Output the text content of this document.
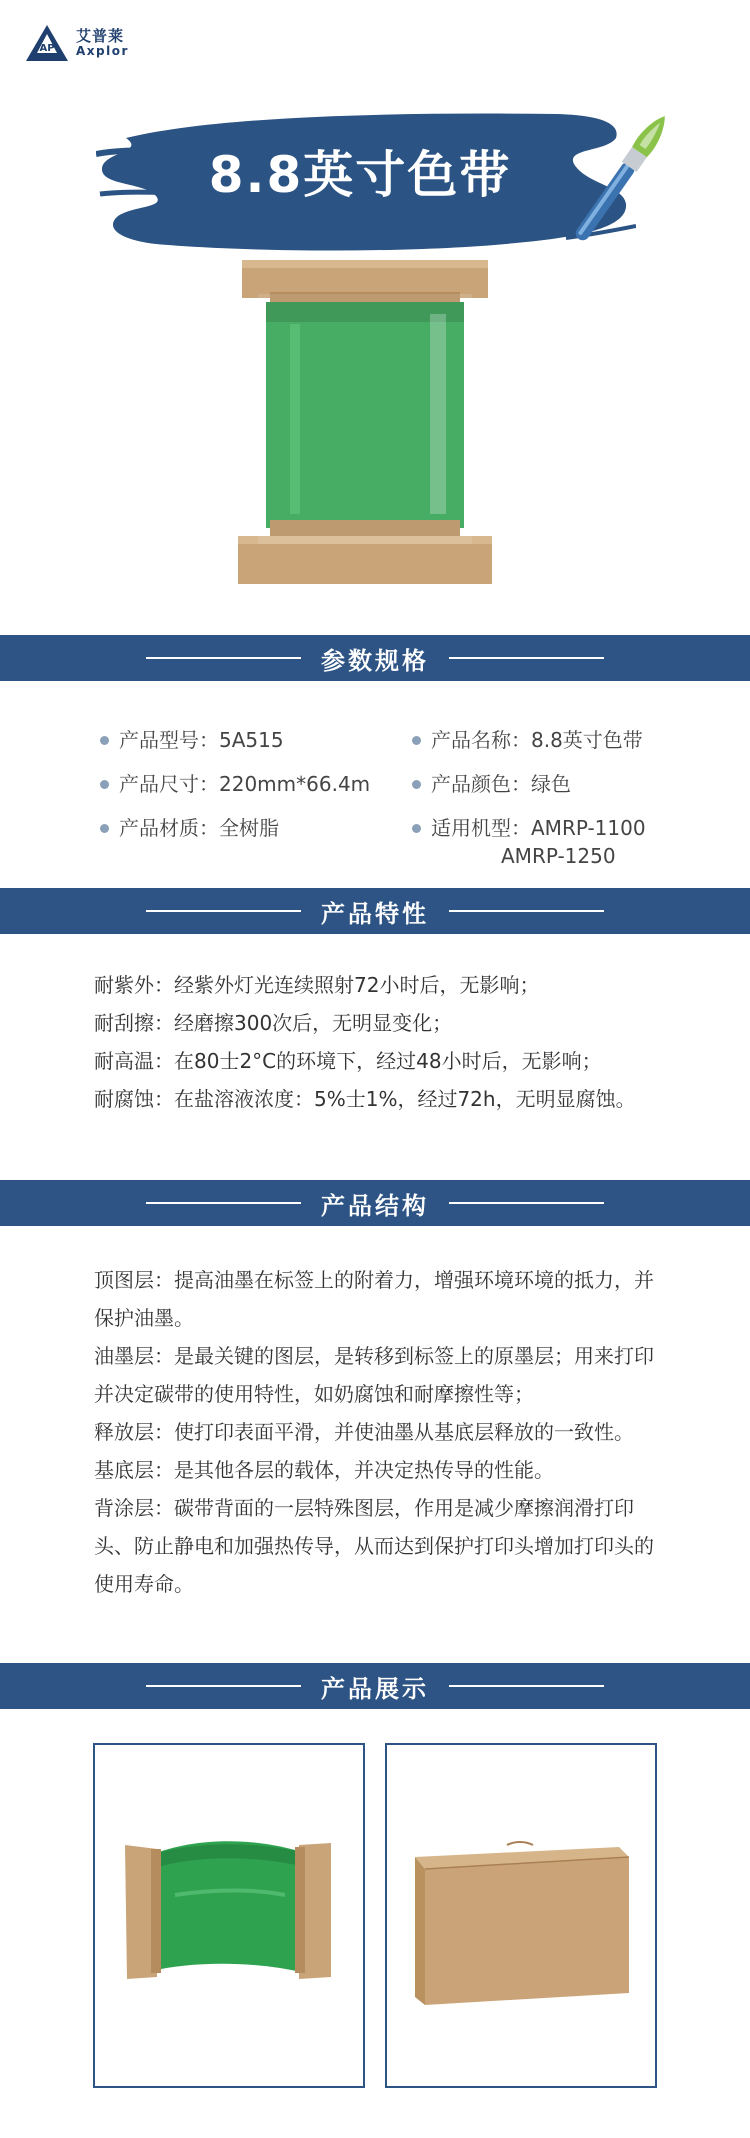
AP
艾普莱
Axplor
8.8英寸色带
参数规格
产品型号： 5A515	产品名称： 8.8英寸色带
产品尺寸： 220mm*66.4m	产品颜色： 绿色
产品材质： 全树脂	适用机型： AMRP-1100
AMRP-1250
产品特性

耐紫外：经紫外灯光连续照射72小时后，无影响；
耐刮擦：经磨擦300次后，无明显变化；
耐高温：在80士2°C的环境下，经过48小时后，无影响；
耐腐蚀：在盐溶液浓度：5%士1%，经过72h，无明显腐蚀。

产品结构

顶图层：提高油墨在标签上的附着力，增强环境环境的抵力，并保护油墨。
油墨层：是最关键的图层，是转移到标签上的原墨层；用来打印并决定碳带的使用特性，如奶腐蚀和耐摩擦性等；
释放层：使打印表面平滑，并使油墨从基底层释放的一致性。
基底层：是其他各层的载体，并决定热传导的性能。
背涂层：碳带背面的一层特殊图层，作用是减少摩擦润滑打印头、防止静电和加强热传导，从而达到保护打印头增加打印头的使用寿命。

产品展示
